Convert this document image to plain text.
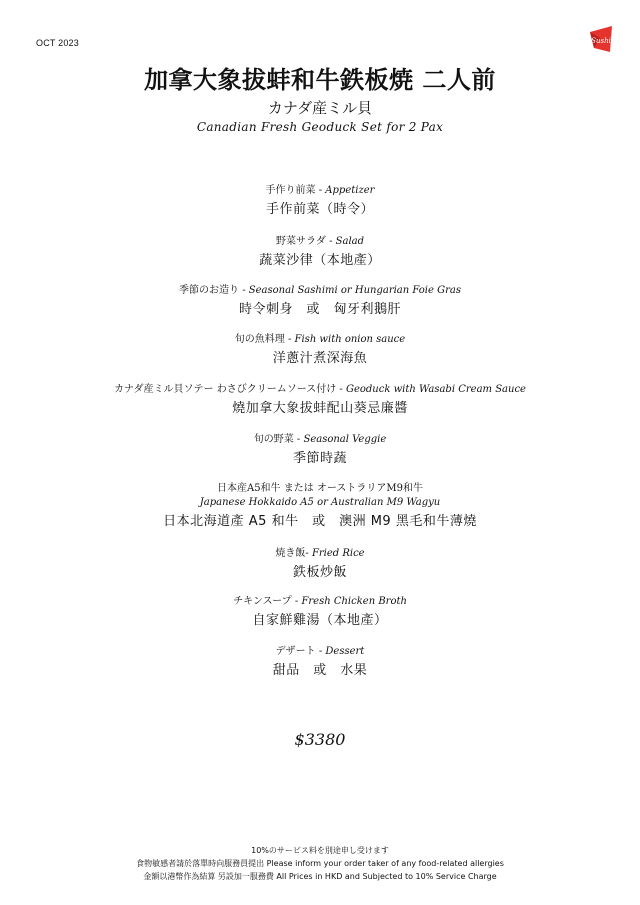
OCT 2023	Sushi
加拿大象拔蚌和牛鉄板焼 二人前
カナダ産ミル貝
Canadian Fresh Geoduck Set for 2 Pax
手作り前菜 - Appetizer
手作前菜（時令）
野菜サラダ - Salad
蔬菜沙律（本地產）
季節のお造り - Seasonal Sashimi or Hungarian Foie Gras
時令刺身　或　匈牙利鵝肝
旬の魚料理 - Fish with onion sauce
洋蔥汁煮深海魚
カナダ産ミル貝ソテー わさびクリームソース付け - Geoduck with Wasabi Cream Sauce
燒加拿大象拔蚌配山葵忌廉醬
旬の野菜 - Seasonal Veggie
季節時蔬
日本産A5和牛 または オーストラリアM9和牛
Japanese Hokkaido A5 or Australian M9 Wagyu
日本北海道產 A5 和牛　或　澳洲 M9 黑毛和牛薄燒
焼き飯- Fried Rice
鉄板炒飯
チキンスープ - Fresh Chicken Broth
自家鮮雞湯（本地產）
デザート - Dessert
甜品　或　水果
$3380
10%のサービス料を別途申し受けます
食物敏感者請於落單時向服務員提出 Please inform your order taker of any food-related allergies
金額以港幣作為結算 另設加一服務費 All Prices in HKD and Subjected to 10% Service Charge
